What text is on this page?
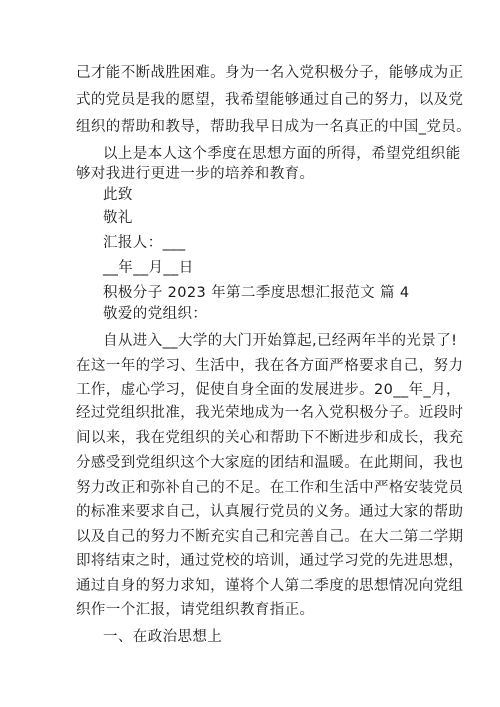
己才能不断战胜困难。身为一名入党积极分子，能够成为正
式的党员是我的愿望，我希望能够通过自己的努力，以及党
组织的帮助和教导，帮助我早日成为一名真正的中国_党员。
以上是本人这个季度在思想方面的所得，希望党组织能
够对我进行更进一步的培养和教育。
此致
敬礼
汇报人：___
__年__月__日
积极分子 2023 年第二季度思想汇报范文 篇 4
敬爱的党组织：
自从进入__大学的大门开始算起,已经两年半的光景了!
在这一年的学习、生活中，我在各方面严格要求自己，努力
工作，虚心学习，促使自身全面的发展进步。20__年_月，
经过党组织批准，我光荣地成为一名入党积极分子。近段时
间以来，我在党组织的关心和帮助下不断进步和成长，我充
分感受到党组织这个大家庭的团结和温暖。在此期间，我也
努力改正和弥补自己的不足。在工作和生活中严格安装党员
的标准来要求自己，认真履行党员的义务。通过大家的帮助
以及自己的努力不断充实自己和完善自己。在大二第二学期
即将结束之时，通过党校的培训，通过学习党的先进思想，
通过自身的努力求知，谨将个人第二季度的思想情况向党组
织作一个汇报，请党组织教育指正。
一、在政治思想上
